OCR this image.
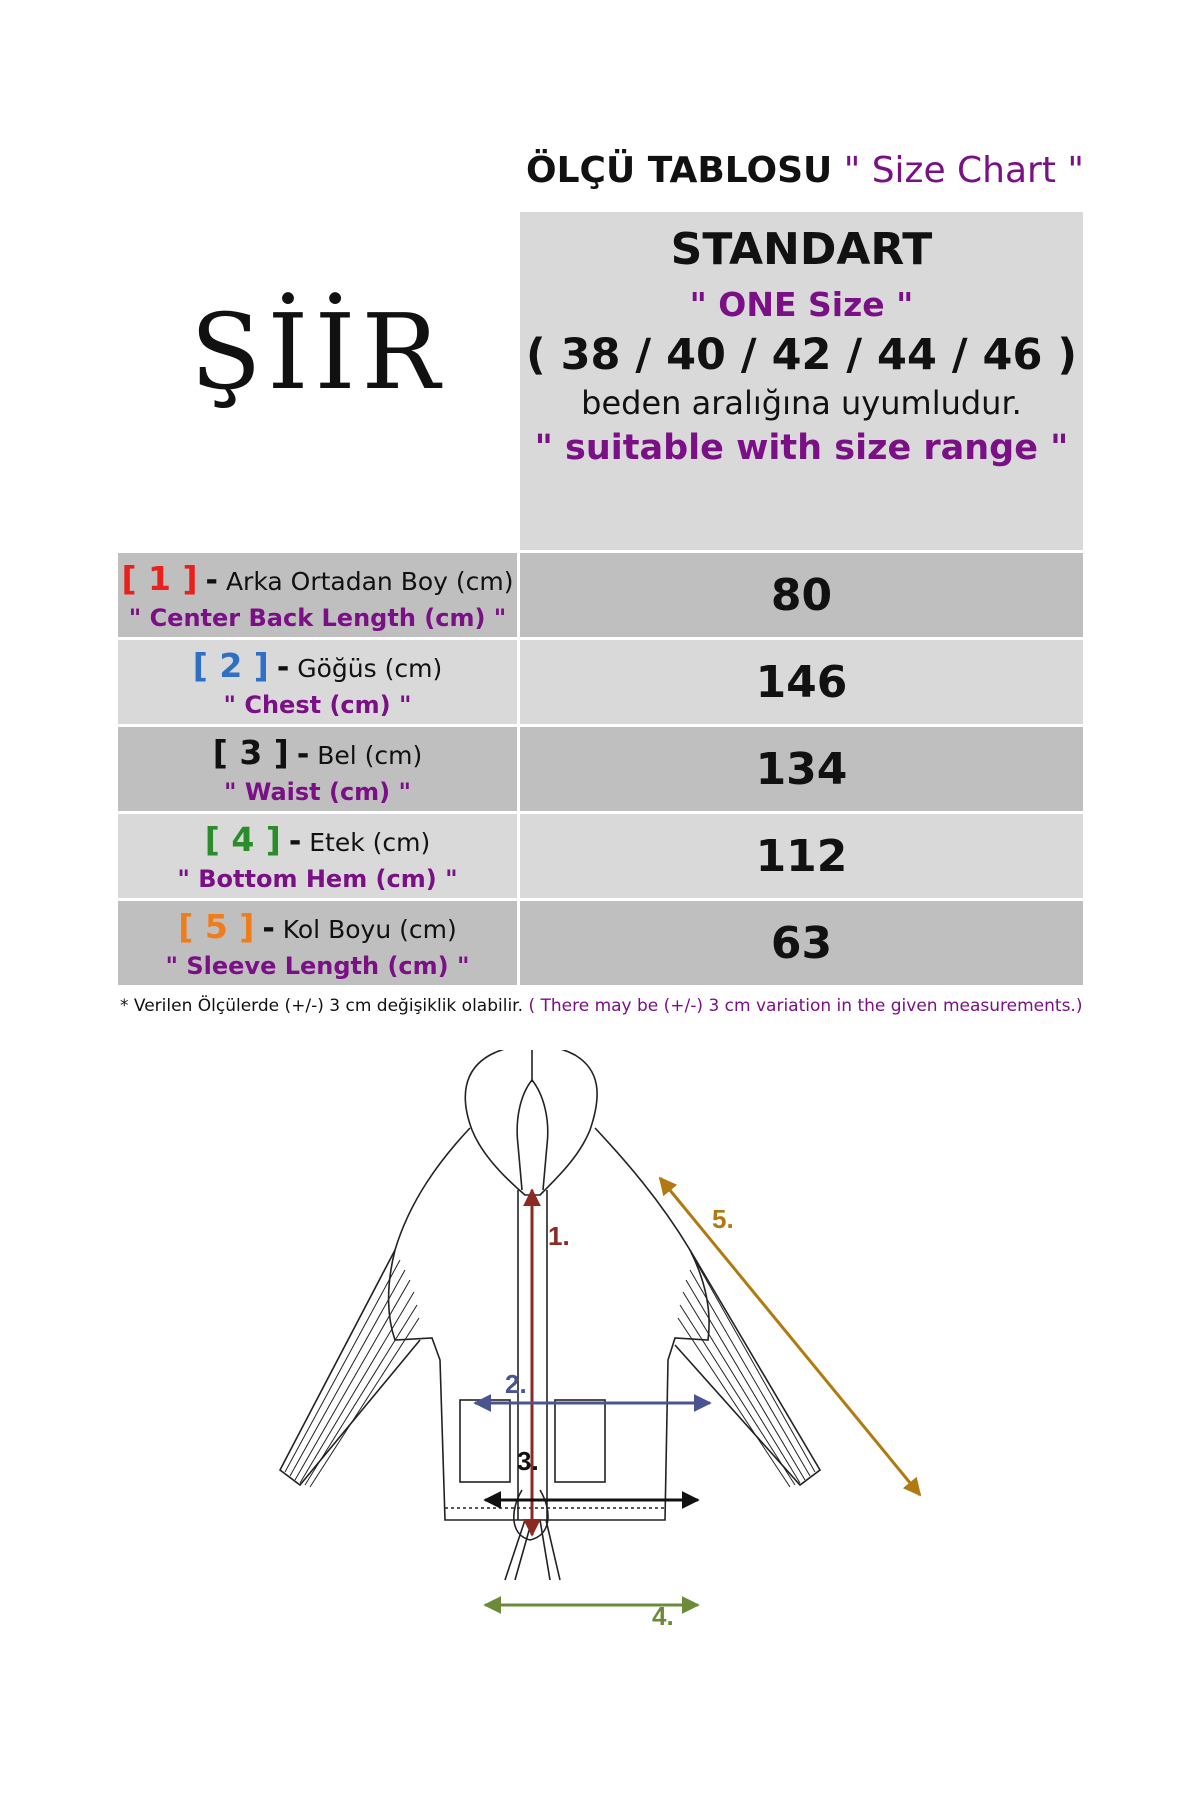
ÖLÇÜ TABLOSU " Size Chart "
ŞİİR
STANDART
" ONE Size "
( 38 / 40 / 42 / 44 / 46 )
beden aralığına uyumludur.
" suitable with size range "
[ 1 ] - Arka Ortadan Boy (cm)
" Center Back Length (cm) "	80
[ 2 ] - Göğüs (cm)
" Chest (cm) "	146
[ 3 ] - Bel (cm)
" Waist (cm) "	134
[ 4 ] - Etek (cm)
" Bottom Hem (cm) "	112
[ 5 ] - Kol Boyu (cm)
" Sleeve Length (cm) "	63
* Verilen Ölçülerde (+/-) 3 cm değişiklik olabilir. ( There may be (+/-) 3 cm variation in the given measurements.)
1.
2.
3.
4.
5.
